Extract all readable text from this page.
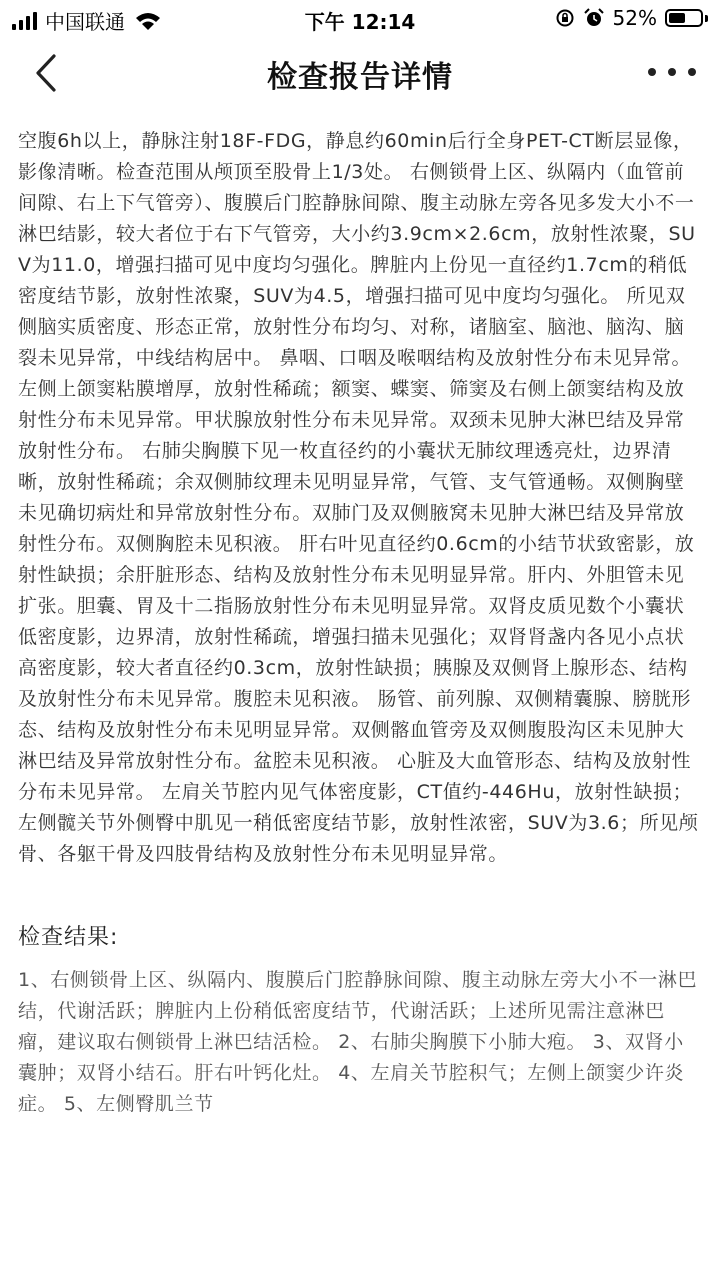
中国联通	下午 12:14	52%
检查报告详情

空腹6h以上，静脉注射18F-FDG，静息约60min后行全身PET-CT断层显像，影像清晰。检查范围从颅顶至股骨上1/3处。 右侧锁骨上区、纵隔内（血管前间隙、右上下气管旁）、腹膜后门腔静脉间隙、腹主动脉左旁各见多发大小不一淋巴结影，较大者位于右下气管旁，大小约3.9cm×2.6cm，放射性浓聚，SUV为11.0，增强扫描可见中度均匀强化。脾脏内上份见一直径约1.7cm的稍低密度结节影，放射性浓聚，SUV为4.5，增强扫描可见中度均匀强化。 所见双侧脑实质密度、形态正常，放射性分布均匀、对称，诸脑室、脑池、脑沟、脑裂未见异常，中线结构居中。 鼻咽、口咽及喉咽结构及放射性分布未见异常。左侧上颌窦粘膜增厚，放射性稀疏；额窦、蝶窦、筛窦及右侧上颌窦结构及放射性分布未见异常。甲状腺放射性分布未见异常。双颈未见肿大淋巴结及异常放射性分布。 右肺尖胸膜下见一枚直径约的小囊状无肺纹理透亮灶，边界清晰，放射性稀疏；余双侧肺纹理未见明显异常，气管、支气管通畅。双侧胸壁未见确切病灶和异常放射性分布。双肺门及双侧腋窝未见肿大淋巴结及异常放射性分布。双侧胸腔未见积液。 肝右叶见直径约0.6cm的小结节状致密影，放射性缺损；余肝脏形态、结构及放射性分布未见明显异常。肝内、外胆管未见扩张。胆囊、胃及十二指肠放射性分布未见明显异常。双肾皮质见数个小囊状低密度影，边界清，放射性稀疏，增强扫描未见强化；双肾肾盏内各见小点状高密度影，较大者直径约0.3cm，放射性缺损；胰腺及双侧肾上腺形态、结构及放射性分布未见异常。腹腔未见积液。 肠管、前列腺、双侧精囊腺、膀胱形态、结构及放射性分布未见明显异常。双侧髂血管旁及双侧腹股沟区未见肿大淋巴结及异常放射性分布。盆腔未见积液。 心脏及大血管形态、结构及放射性分布未见异常。 左肩关节腔内见气体密度影，CT值约-446Hu，放射性缺损；左侧髋关节外侧臀中肌见一稍低密度结节影，放射性浓密，SUV为3.6；所见颅骨、各躯干骨及四肢骨结构及放射性分布未见明显异常。

检查结果:

1、右侧锁骨上区、纵隔内、腹膜后门腔静脉间隙、腹主动脉左旁大小不一淋巴结，代谢活跃；脾脏内上份稍低密度结节，代谢活跃；上述所见需注意淋巴瘤，建议取右侧锁骨上淋巴结活检。 2、右肺尖胸膜下小肺大疱。 3、双肾小囊肿；双肾小结石。肝右叶钙化灶。 4、左肩关节腔积气；左侧上颌窦少许炎症。 5、左侧臀肌兰节
